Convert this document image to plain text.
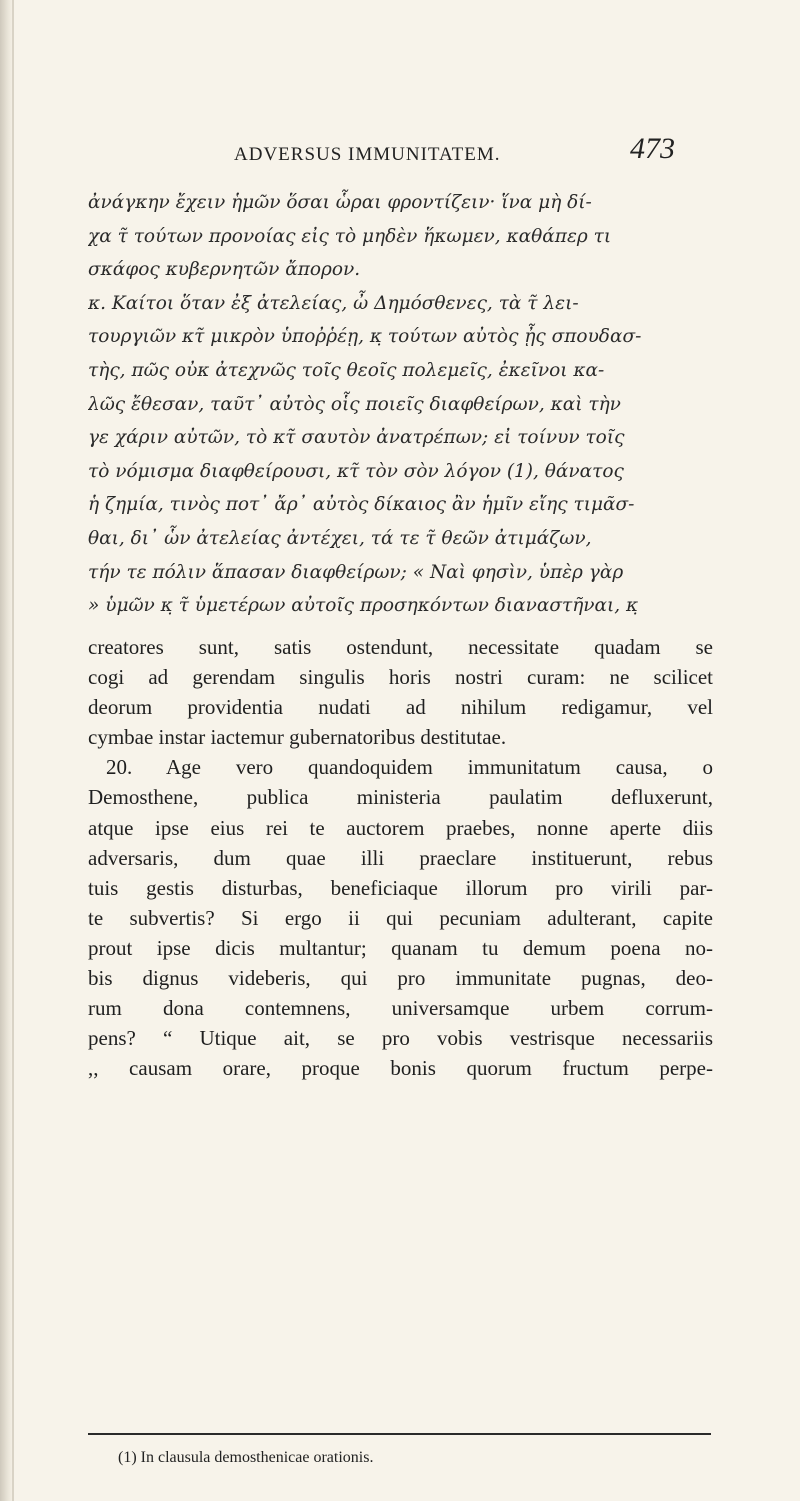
ADVERSUS IMMUNITATEM.	473
ἀνάγκην ἔχειν ἡμῶν ὅσαι ὧραι φροντίζειν· ἵνα μὴ δί-
χα τ̃ τούτων προνοίας εἰς τὸ μηδὲν ἥκωμεν, καθάπερ τι
σκάφος κυβερνητῶν ἄπορον.
κ. Καίτοι ὅταν ἐξ ἀτελείας, ὦ Δημόσθενες, τὰ τ̃ λει-
τουργιῶν κτ̃ μικρὸν ὑποῤῥέῃ, κ̣ τούτων αὐτὸς ᾖς σπουδασ-
τὴς, πῶς οὐκ ἀτεχνῶς τοῖς θεοῖς πολεμεῖς, ἐκεῖνοι κα-
λῶς ἔθεσαν, ταῦτ᾽ αὐτὸς οἷς ποιεῖς διαφθείρων, καὶ τὴν
γε χάριν αὐτῶν, τὸ κτ̃ σαυτὸν ἀνατρέπων; εἰ τοίνυν τοῖς
τὸ νόμισμα διαφθείρουσι, κτ̃ τὸν σὸν λόγον (1), θάνατος
ἡ ζημία, τινὸς ποτ᾽ ἄρ᾽ αὐτὸς δίκαιος ἂν ἡμῖν εἴης τιμᾶσ-
θαι, δι᾽ ὧν ἀτελείας ἀντέχει, τά τε τ̃ θεῶν ἀτιμάζων,
τήν τε πόλιν ἅπασαν διαφθείρων; « Ναὶ φησὶν, ὑπὲρ γὰρ
» ὑμῶν κ̣ τ̃ ὑμετέρων αὐτοῖς προσηκόντων διαναστῆναι, κ̣
creatores sunt, satis ostendunt, necessitate quadam se
cogi ad gerendam singulis horis nostri curam: ne scilicet
deorum providentia nudati ad nihilum redigamur, vel
cymbae instar iactemur gubernatoribus destitutae.
20. Age vero quandoquidem immunitatum causa, o
Demosthene, publica ministeria paulatim defluxerunt,
atque ipse eius rei te auctorem praebes, nonne aperte diis
adversaris, dum quae illi praeclare instituerunt, rebus
tuis gestis disturbas, beneficiaque illorum pro virili par-
te subvertis? Si ergo ii qui pecuniam adulterant, capite
prout ipse dicis multantur; quanam tu demum poena no-
bis dignus videberis, qui pro immunitate pugnas, deo-
rum dona contemnens, universamque urbem corrum-
pens? “ Utique ait, se pro vobis vestrisque necessariis
,, causam orare, proque bonis quorum fructum perpe-
(1) In clausula demosthenicae orationis.
